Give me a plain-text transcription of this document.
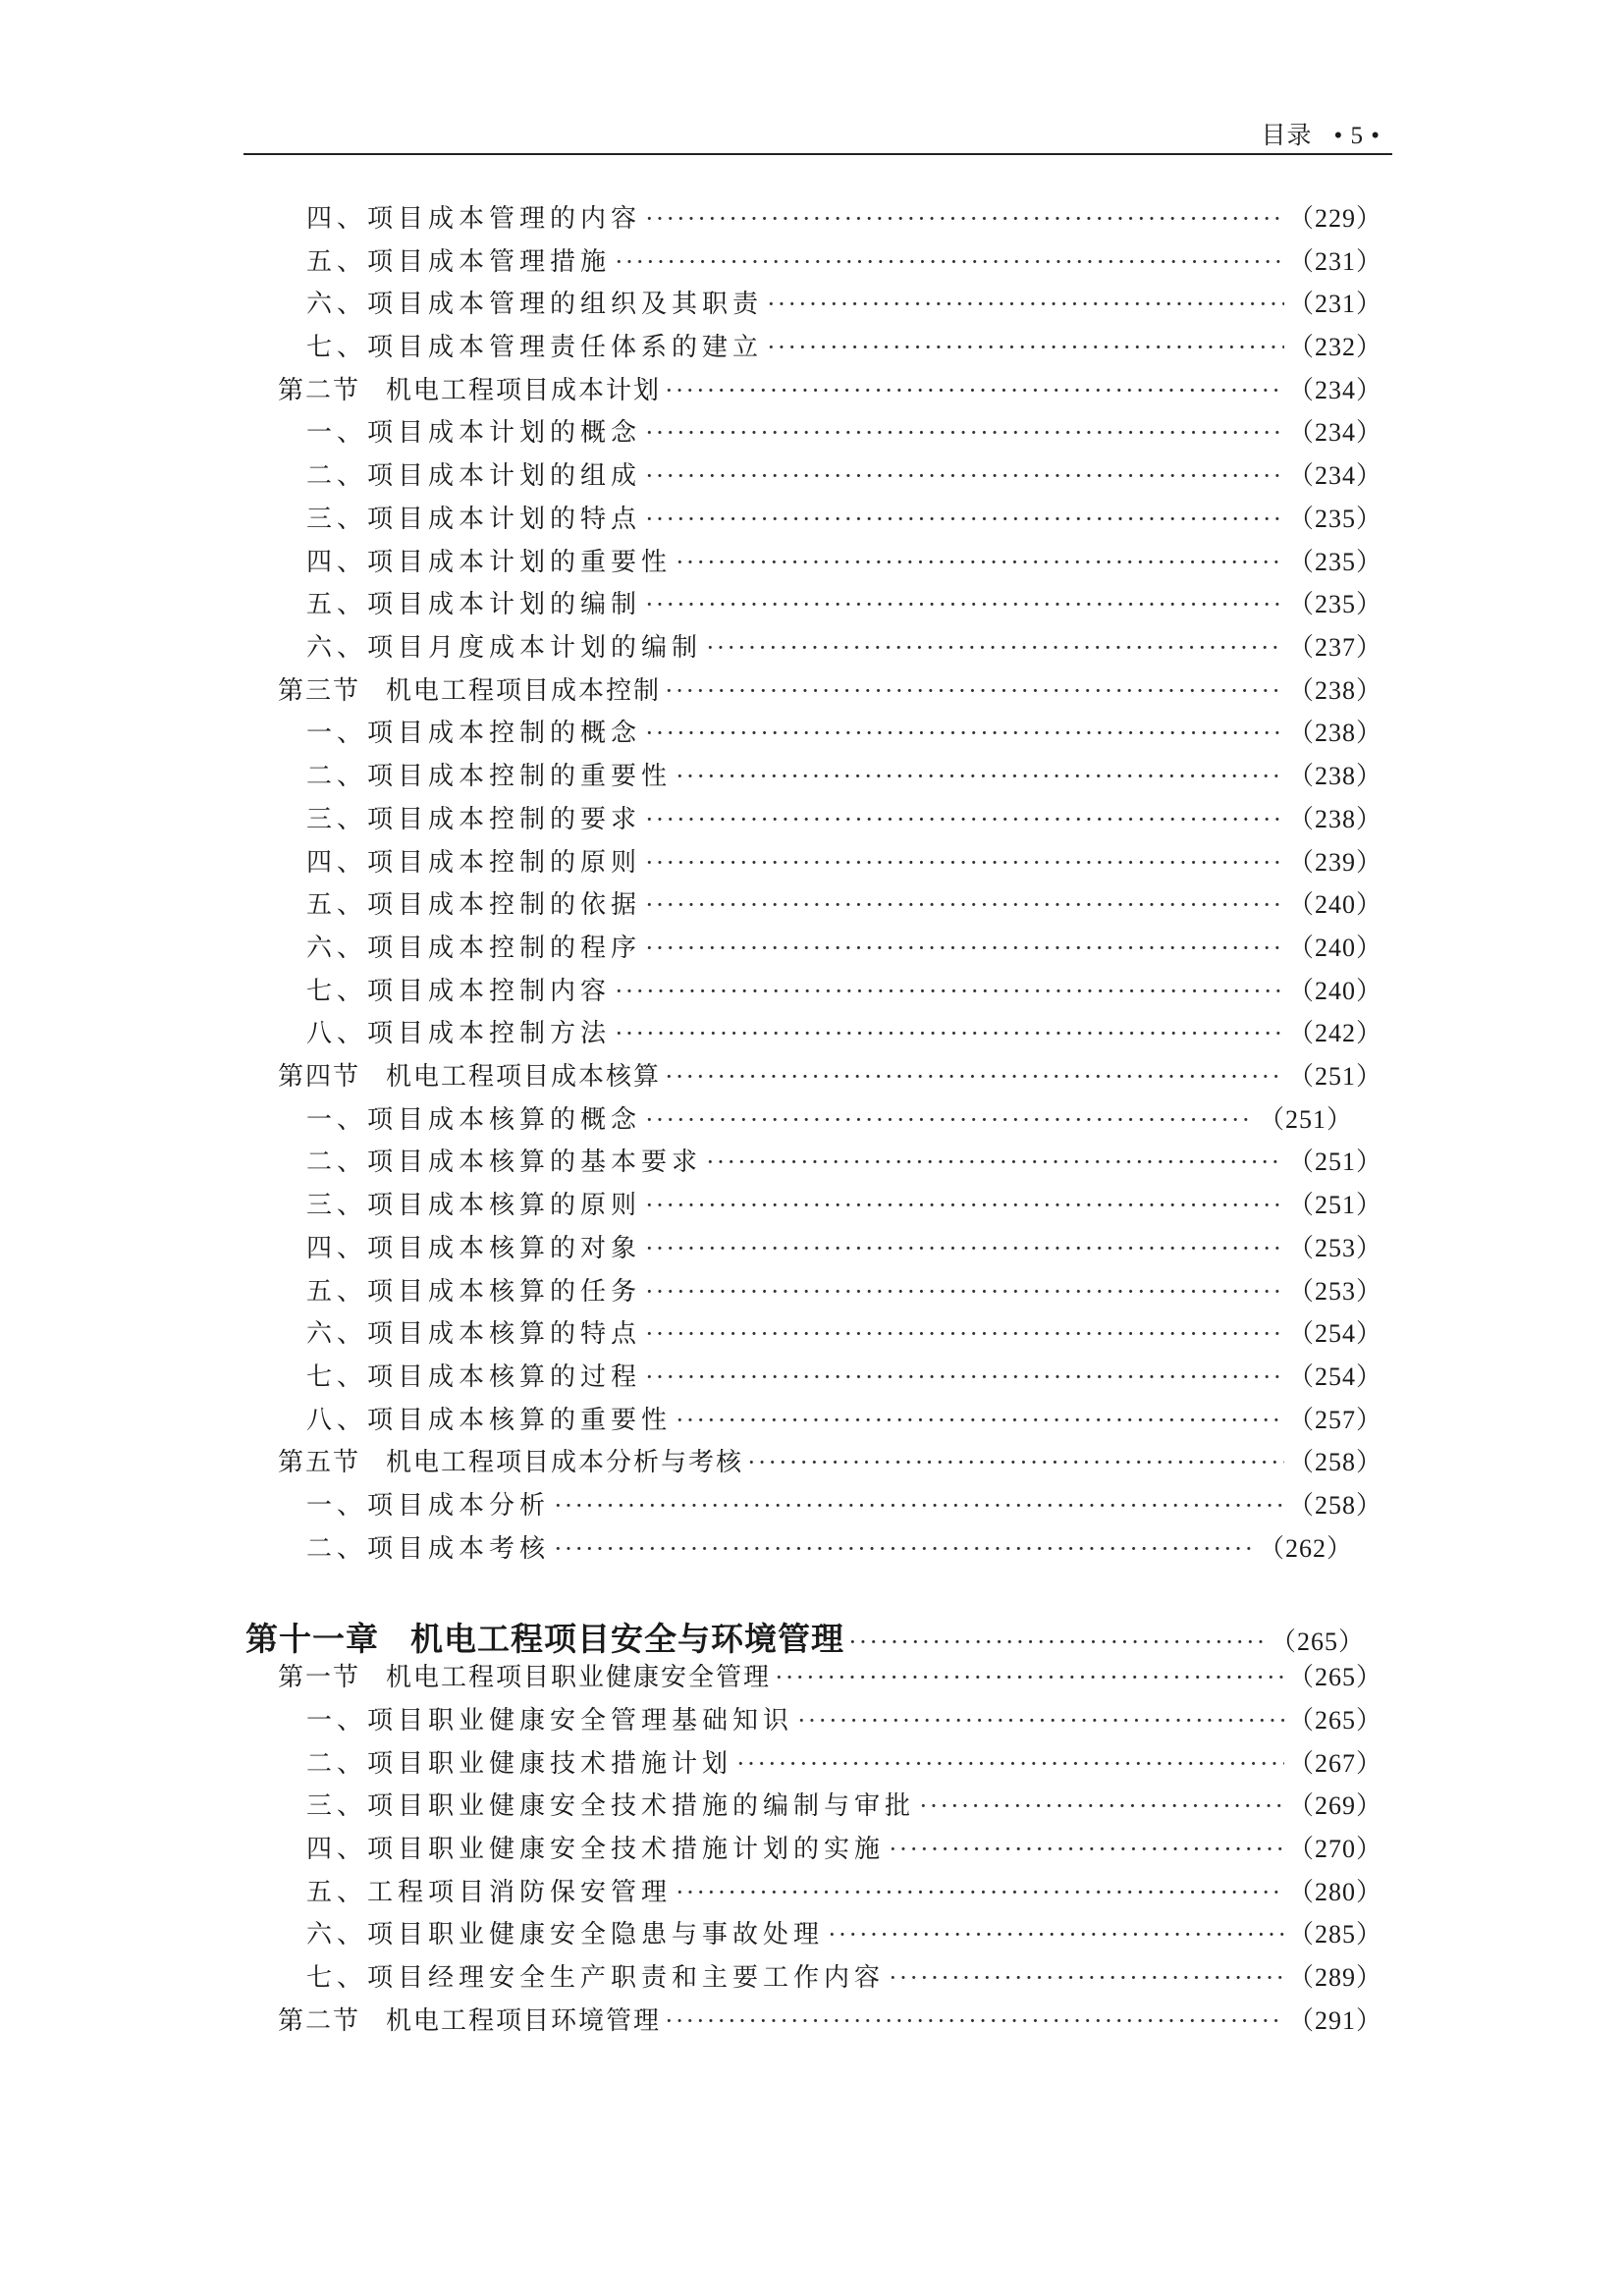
目录 • 5 •
四、项目成本管理的内容 ·····	（229）
五、项目成本管理措施 ·····	（231）
六、项目成本管理的组织及其职责 ·····	（231）
七、项目成本管理责任体系的建立 ·····	（232）
第二节 机电工程项目成本计划 ·····	（234）
一、项目成本计划的概念 ·····	（234）
二、项目成本计划的组成 ·····	（234）
三、项目成本计划的特点 ·····	（235）
四、项目成本计划的重要性 ·····	（235）
五、项目成本计划的编制 ·····	（235）
六、项目月度成本计划的编制 ·····	（237）
第三节 机电工程项目成本控制 ·····	（238）
一、项目成本控制的概念 ·····	（238）
二、项目成本控制的重要性 ·····	（238）
三、项目成本控制的要求 ·····	（238）
四、项目成本控制的原则 ·····	（239）
五、项目成本控制的依据 ·····	（240）
六、项目成本控制的程序 ·····	（240）
七、项目成本控制内容 ·····	（240）
八、项目成本控制方法 ·····	（242）
第四节 机电工程项目成本核算 ·····	（251）
一、项目成本核算的概念 ·····	（251）
二、项目成本核算的基本要求 ·····	（251）
三、项目成本核算的原则 ·····	（251）
四、项目成本核算的对象 ·····	（253）
五、项目成本核算的任务 ·····	（253）
六、项目成本核算的特点 ·····	（254）
七、项目成本核算的过程 ·····	（254）
八、项目成本核算的重要性 ·····	（257）
第五节 机电工程项目成本分析与考核 ·····	（258）
一、项目成本分析 ·····	（258）
二、项目成本考核 ·····	（262）
第十一章 机电工程项目安全与环境管理 ·····	（265）
第一节 机电工程项目职业健康安全管理 ·····	（265）
一、项目职业健康安全管理基础知识 ·····	（265）
二、项目职业健康技术措施计划 ·····	（267）
三、项目职业健康安全技术措施的编制与审批 ·····	（269）
四、项目职业健康安全技术措施计划的实施 ·····	（270）
五、工程项目消防保安管理 ·····	（280）
六、项目职业健康安全隐患与事故处理 ·····	（285）
七、项目经理安全生产职责和主要工作内容 ·····	（289）
第二节 机电工程项目环境管理 ·····	（291）
